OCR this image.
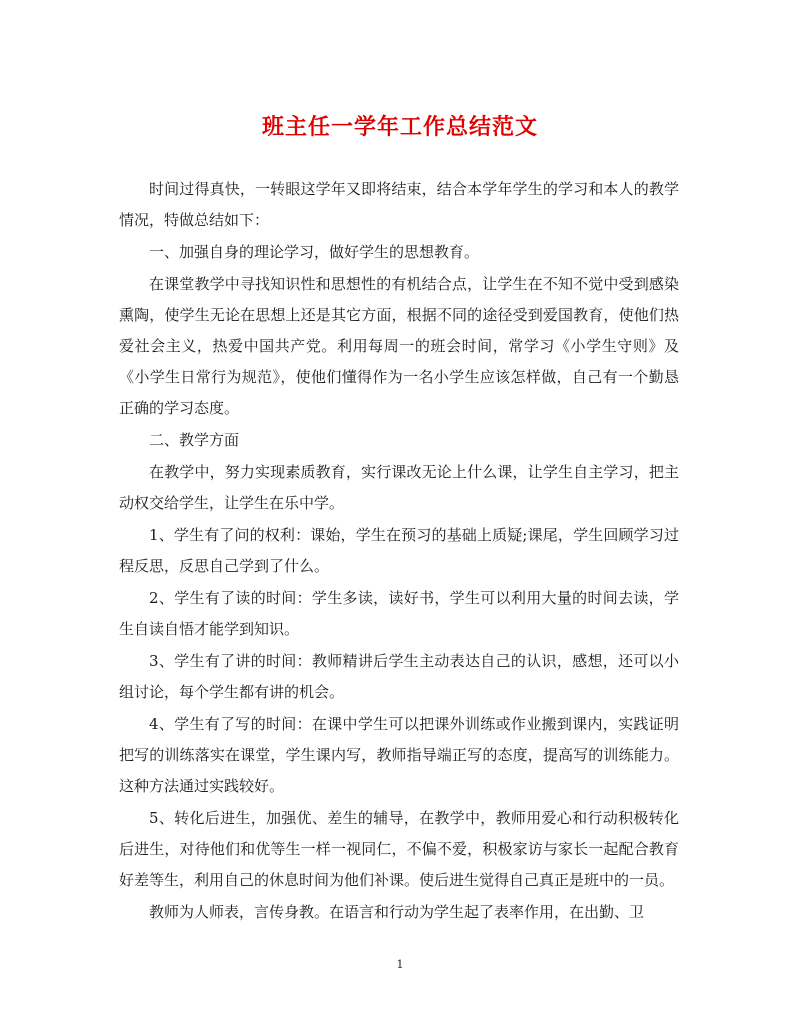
班主任一学年工作总结范文

时间过得真快，一转眼这学年又即将结束，结合本学年学生的学习和本人的教学情况，特做总结如下：

一、加强自身的理论学习，做好学生的思想教育。

在课堂教学中寻找知识性和思想性的有机结合点，让学生在不知不觉中受到感染熏陶，使学生无论在思想上还是其它方面，根据不同的途径受到爱国教育，使他们热爱社会主义，热爱中国共产党。利用每周一的班会时间，常学习《小学生守则》及《小学生日常行为规范》，使他们懂得作为一名小学生应该怎样做，自己有一个勤恳正确的学习态度。

二、教学方面

在教学中，努力实现素质教育，实行课改无论上什么课，让学生自主学习，把主动权交给学生，让学生在乐中学。

1、学生有了问的权利：课始，学生在预习的基础上质疑;课尾，学生回顾学习过程反思，反思自己学到了什么。

2、学生有了读的时间：学生多读，读好书，学生可以利用大量的时间去读，学生自读自悟才能学到知识。

3、学生有了讲的时间：教师精讲后学生主动表达自己的认识，感想，还可以小组讨论，每个学生都有讲的机会。

4、学生有了写的时间：在课中学生可以把课外训练或作业搬到课内，实践证明把写的训练落实在课堂，学生课内写，教师指导端正写的态度，提高写的训练能力。这种方法通过实践较好。

5、转化后进生，加强优、差生的辅导，在教学中，教师用爱心和行动积极转化后进生，对待他们和优等生一样一视同仁，不偏不爱，积极家访与家长一起配合教育好差等生，利用自己的休息时间为他们补课。使后进生觉得自己真正是班中的一员。

教师为人师表，言传身教。在语言和行动为学生起了表率作用，在出勤、卫

1
